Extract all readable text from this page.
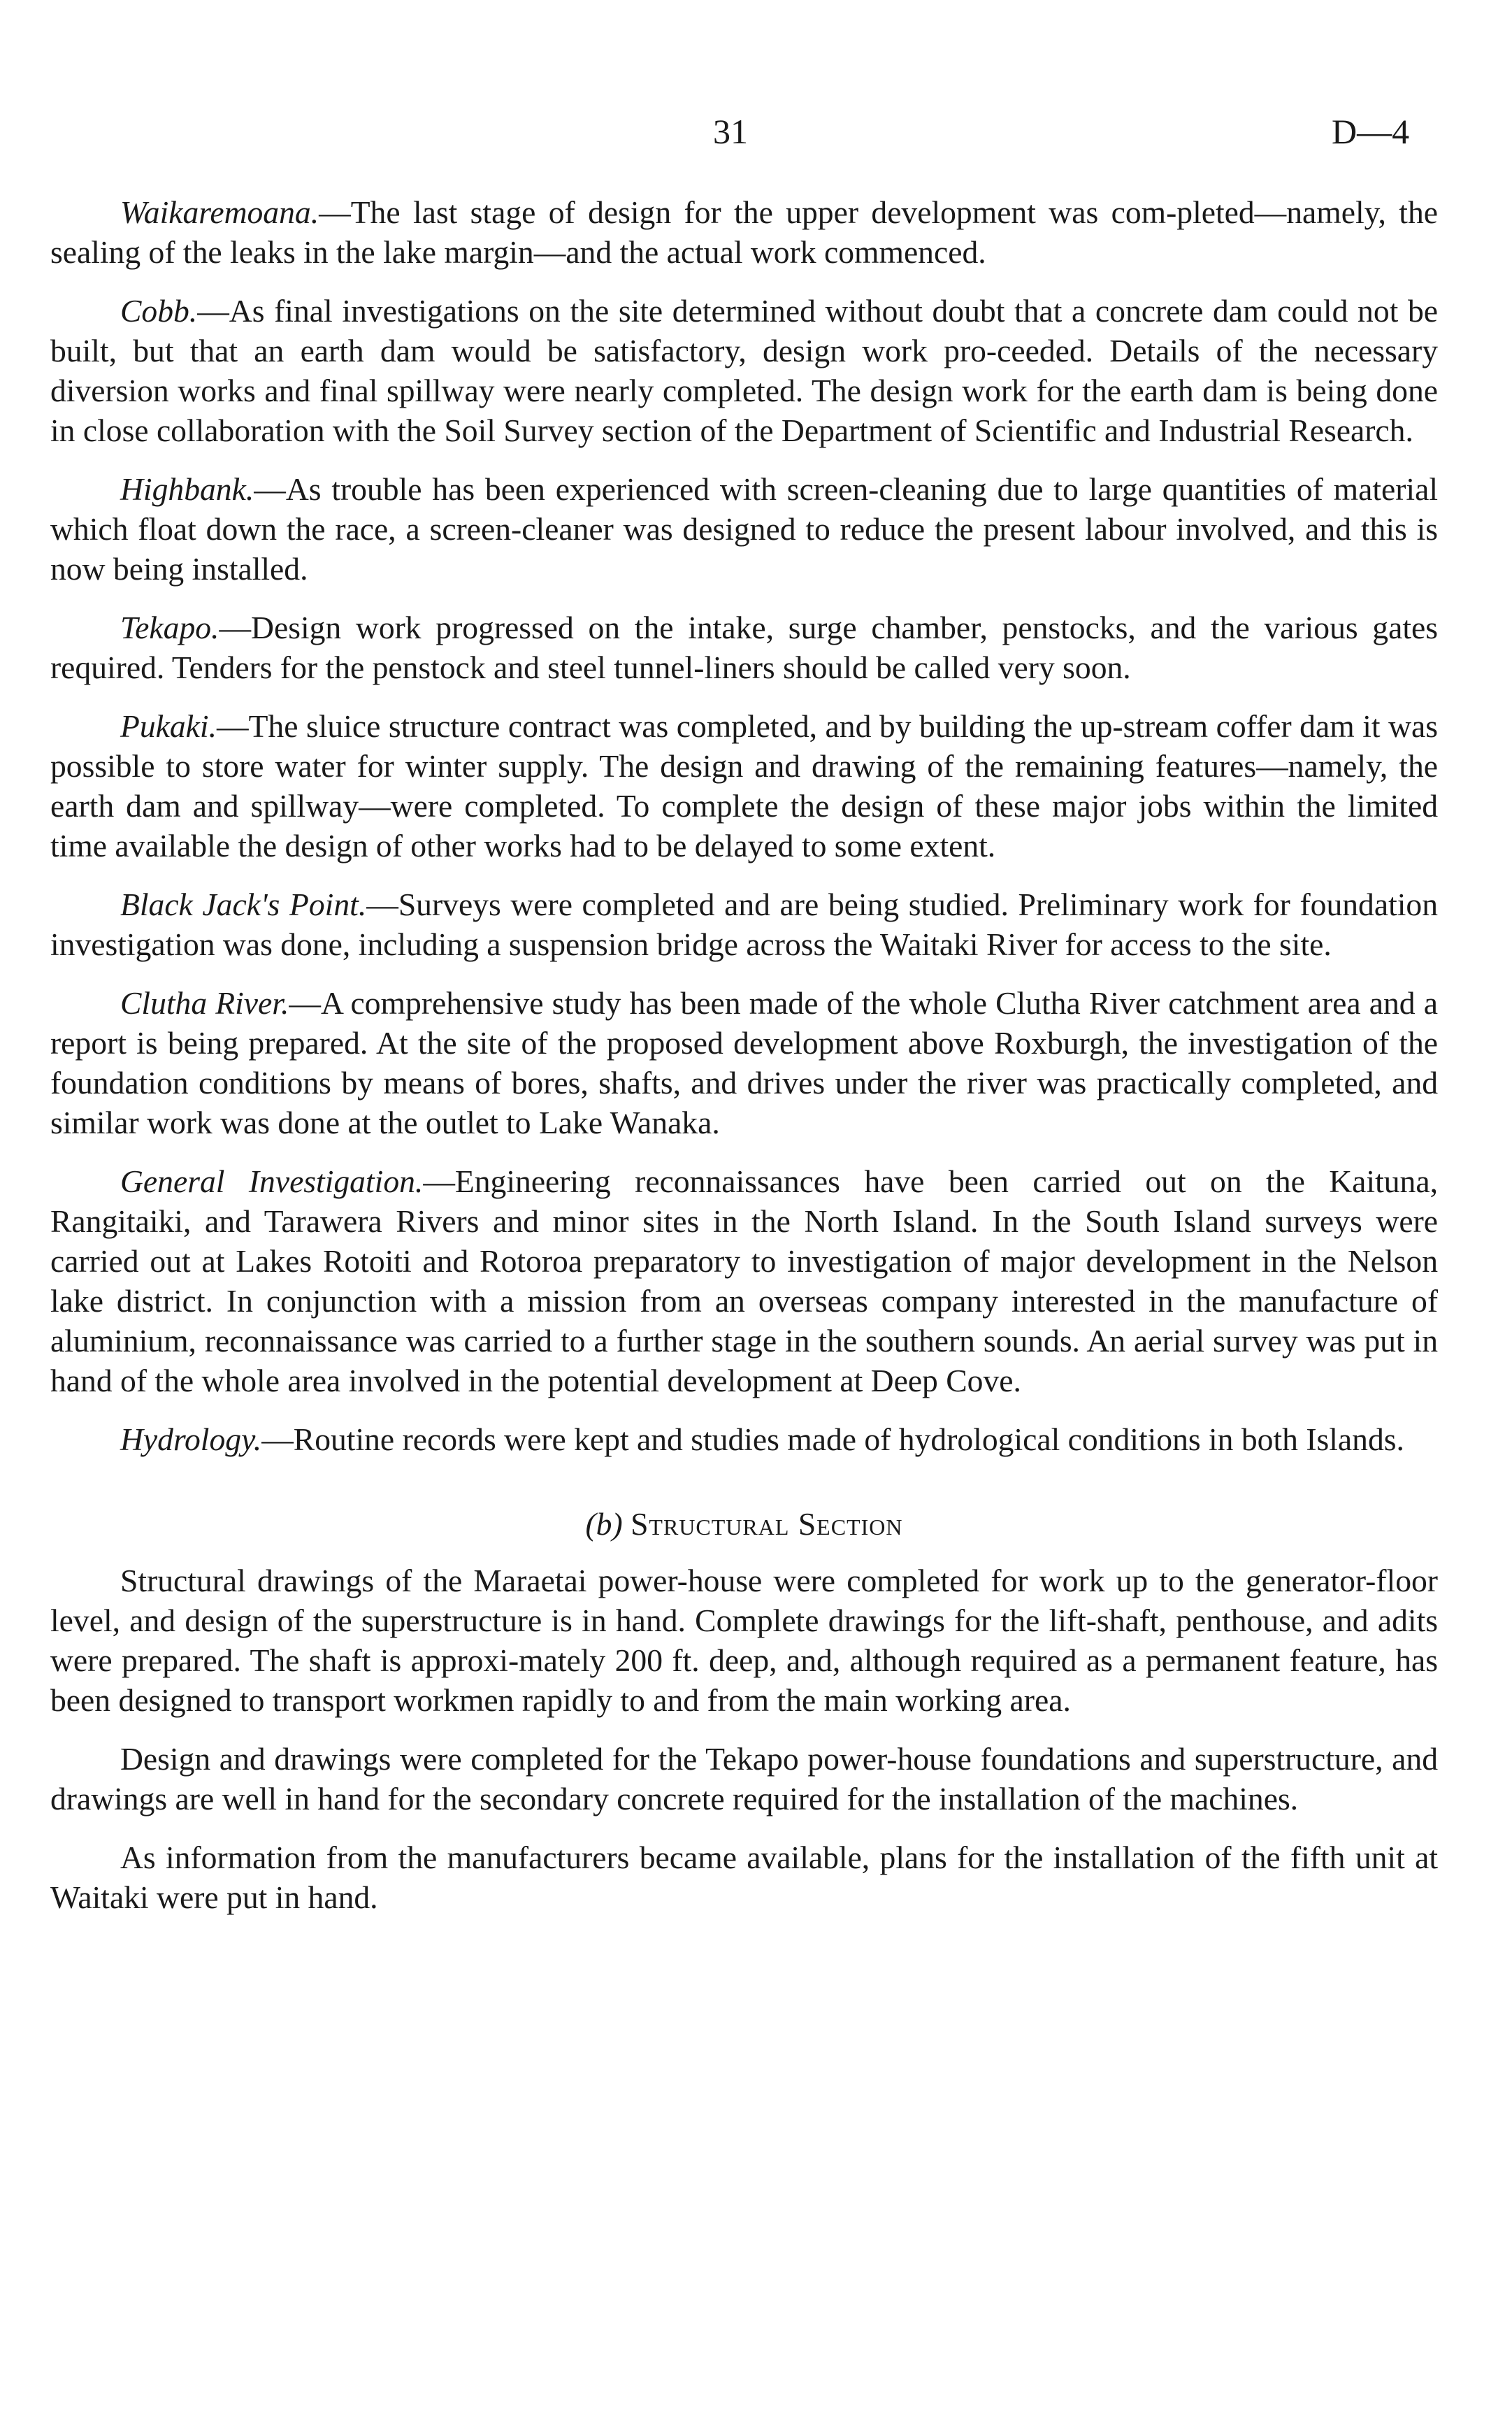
31	D—4

Waikaremoana.—The last stage of design for the upper development was com-pleted—namely, the sealing of the leaks in the lake margin—and the actual work commenced.

Cobb.—As final investigations on the site determined without doubt that a concrete dam could not be built, but that an earth dam would be satisfactory, design work pro-ceeded. Details of the necessary diversion works and final spillway were nearly completed. The design work for the earth dam is being done in close collaboration with the Soil Survey section of the Department of Scientific and Industrial Research.

Highbank.—As trouble has been experienced with screen-cleaning due to large quantities of material which float down the race, a screen-cleaner was designed to reduce the present labour involved, and this is now being installed.

Tekapo.—Design work progressed on the intake, surge chamber, penstocks, and the various gates required. Tenders for the penstock and steel tunnel-liners should be called very soon.

Pukaki.—The sluice structure contract was completed, and by building the up-stream coffer dam it was possible to store water for winter supply. The design and drawing of the remaining features—namely, the earth dam and spillway—were completed. To complete the design of these major jobs within the limited time available the design of other works had to be delayed to some extent.

Black Jack's Point.—Surveys were completed and are being studied. Preliminary work for foundation investigation was done, including a suspension bridge across the Waitaki River for access to the site.

Clutha River.—A comprehensive study has been made of the whole Clutha River catchment area and a report is being prepared. At the site of the proposed development above Roxburgh, the investigation of the foundation conditions by means of bores, shafts, and drives under the river was practically completed, and similar work was done at the outlet to Lake Wanaka.

General Investigation.—Engineering reconnaissances have been carried out on the Kaituna, Rangitaiki, and Tarawera Rivers and minor sites in the North Island. In the South Island surveys were carried out at Lakes Rotoiti and Rotoroa preparatory to investigation of major development in the Nelson lake district. In conjunction with a mission from an overseas company interested in the manufacture of aluminium, reconnaissance was carried to a further stage in the southern sounds. An aerial survey was put in hand of the whole area involved in the potential development at Deep Cove.

Hydrology.—Routine records were kept and studies made of hydrological conditions in both Islands.

(b) Structural Section

Structural drawings of the Maraetai power-house were completed for work up to the generator-floor level, and design of the superstructure is in hand. Complete drawings for the lift-shaft, penthouse, and adits were prepared. The shaft is approxi-mately 200 ft. deep, and, although required as a permanent feature, has been designed to transport workmen rapidly to and from the main working area.

Design and drawings were completed for the Tekapo power-house foundations and superstructure, and drawings are well in hand for the secondary concrete required for the installation of the machines.

As information from the manufacturers became available, plans for the installation of the fifth unit at Waitaki were put in hand.
